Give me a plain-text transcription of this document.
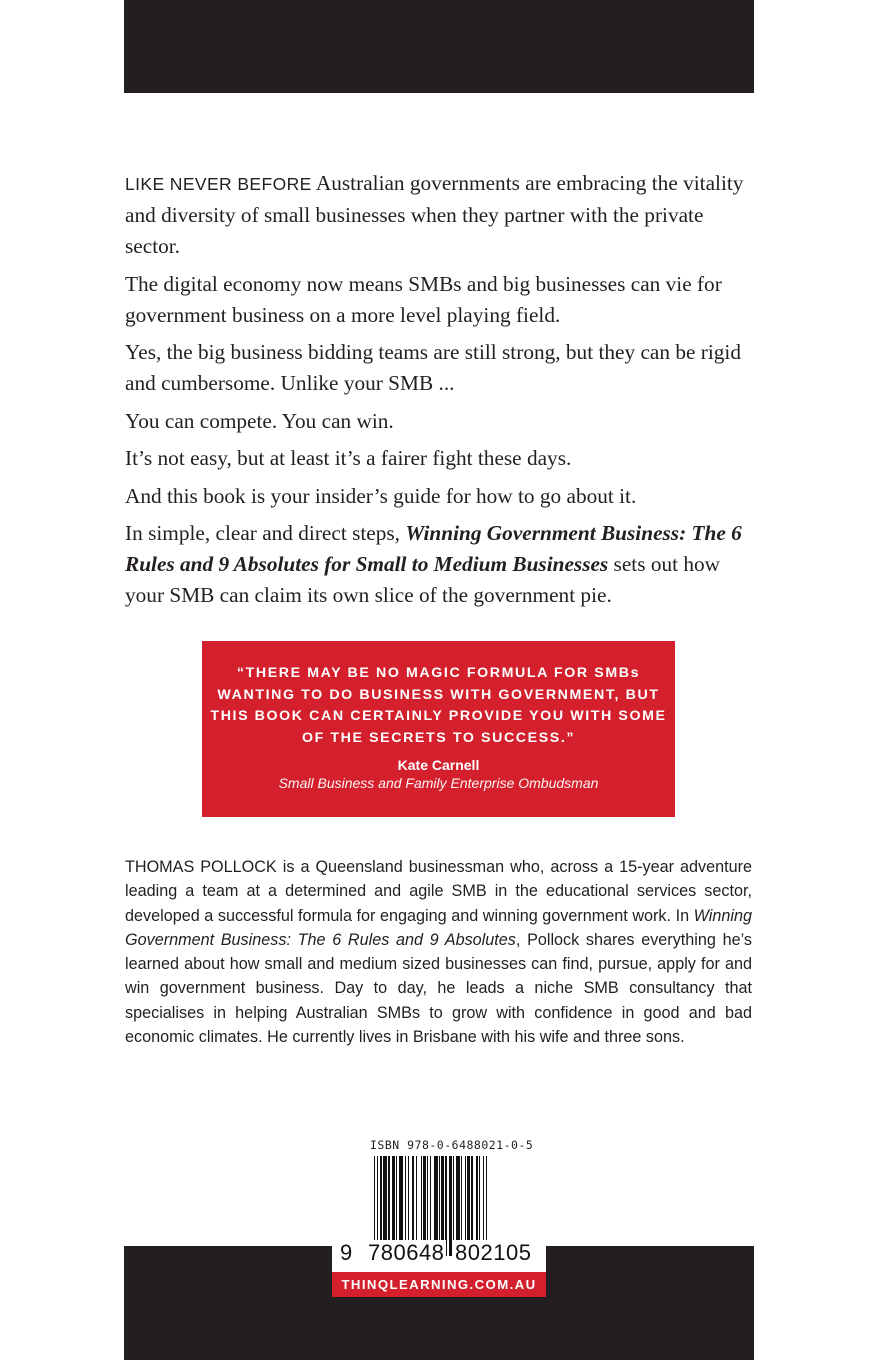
LIKE NEVER BEFORE Australian governments are embracing the vitality and diversity of small businesses when they partner with the private sector.

The digital economy now means SMBs and big businesses can vie for government business on a more level playing field.

Yes, the big business bidding teams are still strong, but they can be rigid and cumbersome. Unlike your SMB ...

You can compete. You can win.

It’s not easy, but at least it’s a fairer fight these days.

And this book is your insider’s guide for how to go about it.

In simple, clear and direct steps, Winning Government Business: The 6 Rules and 9 Absolutes for Small to Medium Businesses sets out how your SMB can claim its own slice of the government pie.

“THERE MAY BE NO MAGIC FORMULA FOR SMBs WANTING TO DO BUSINESS WITH GOVERNMENT, BUT THIS BOOK CAN CERTAINLY PROVIDE YOU WITH SOME OF THE SECRETS TO SUCCESS.”
Kate Carnell
Small Business and Family Enterprise Ombudsman
THOMAS POLLOCK is a Queensland businessman who, across a 15-year adventure leading a team at a determined and agile SMB in the educational services sector, developed a successful formula for engaging and winning government work. In Winning Government Business: The 6 Rules and 9 Absolutes, Pollock shares everything he’s learned about how small and medium sized businesses can find, pursue, apply for and win government business. Day to day, he leads a niche SMB consultancy that specialises in helping Australian SMBs to grow with confidence in good and bad economic climates. He currently lives in Brisbane with his wife and three sons.
ISBN 978-0-6488021-0-5
9 780648 802105
THINQLEARNING.COM.AU
